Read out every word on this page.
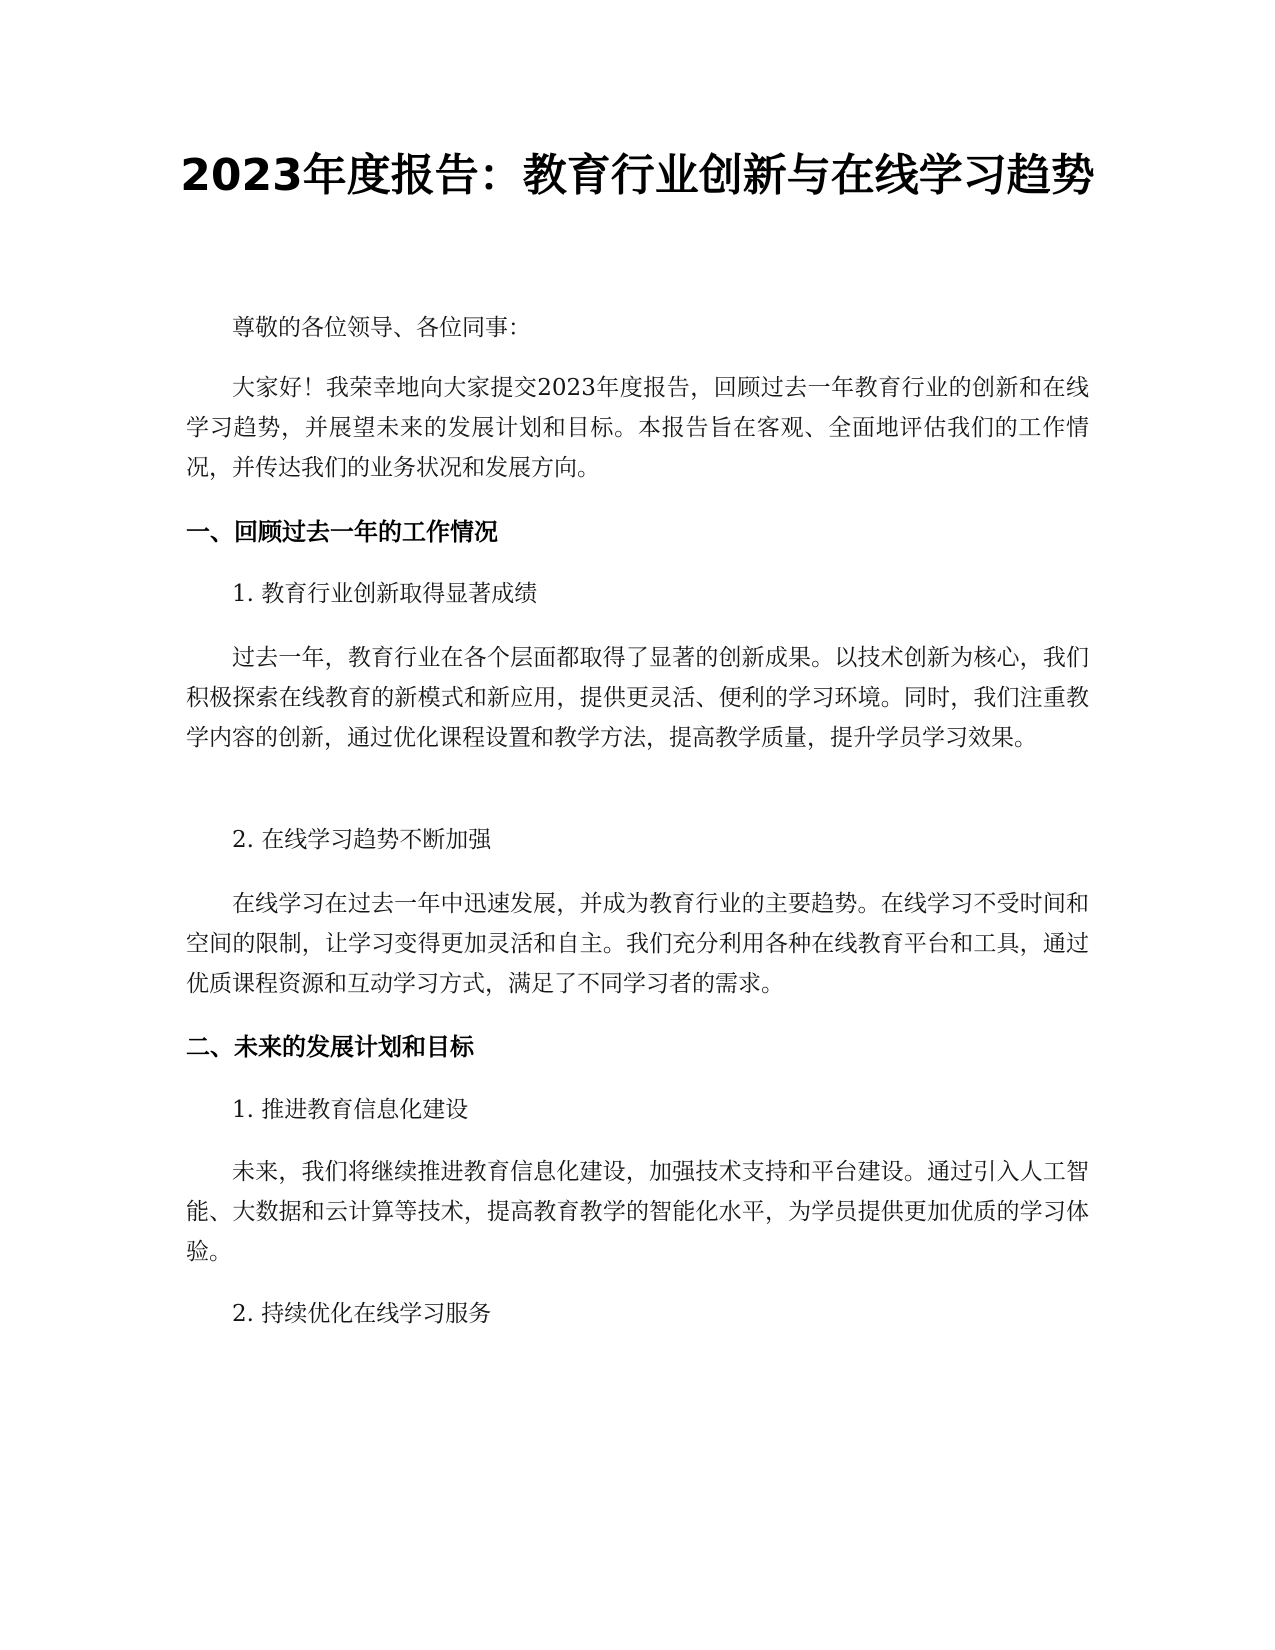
2023年度报告：教育行业创新与在线学习趋势

尊敬的各位领导、各位同事：

大家好！我荣幸地向大家提交2023年度报告，回顾过去一年教育行业的创新和在线学习趋势，并展望未来的发展计划和目标。本报告旨在客观、全面地评估我们的工作情况，并传达我们的业务状况和发展方向。

一、回顾过去一年的工作情况

1. 教育行业创新取得显著成绩

过去一年，教育行业在各个层面都取得了显著的创新成果。以技术创新为核心，我们积极探索在线教育的新模式和新应用，提供更灵活、便利的学习环境。同时，我们注重教学内容的创新，通过优化课程设置和教学方法，提高教学质量，提升学员学习效果。

2. 在线学习趋势不断加强

在线学习在过去一年中迅速发展，并成为教育行业的主要趋势。在线学习不受时间和空间的限制，让学习变得更加灵活和自主。我们充分利用各种在线教育平台和工具，通过优质课程资源和互动学习方式，满足了不同学习者的需求。

二、未来的发展计划和目标

1. 推进教育信息化建设

未来，我们将继续推进教育信息化建设，加强技术支持和平台建设。通过引入人工智能、大数据和云计算等技术，提高教育教学的智能化水平，为学员提供更加优质的学习体验。

2. 持续优化在线学习服务
